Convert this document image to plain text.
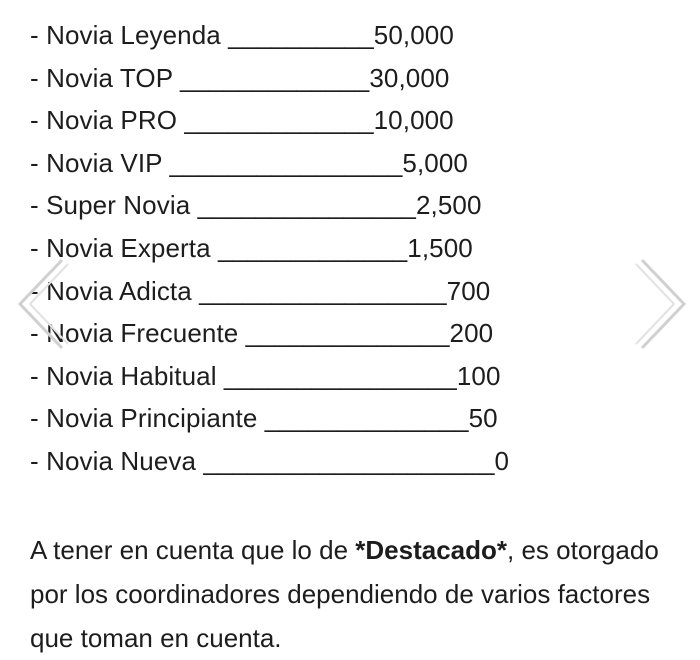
- Novia Leyenda __________50,000
- Novia TOP _____________30,000
- Novia PRO _____________10,000
- Novia VIP ________________5,000
- Super Novia _______________2,500
- Novia Experta _____________1,500
- Novia Adicta _________________700
- Novia Frecuente ______________200
- Novia Habitual ________________100
- Novia Principiante ______________50
- Novia Nueva ____________________0

A tener en cuenta que lo de *Destacado*, es otorgado por los coordinadores dependiendo de varios factores que toman en cuenta.
